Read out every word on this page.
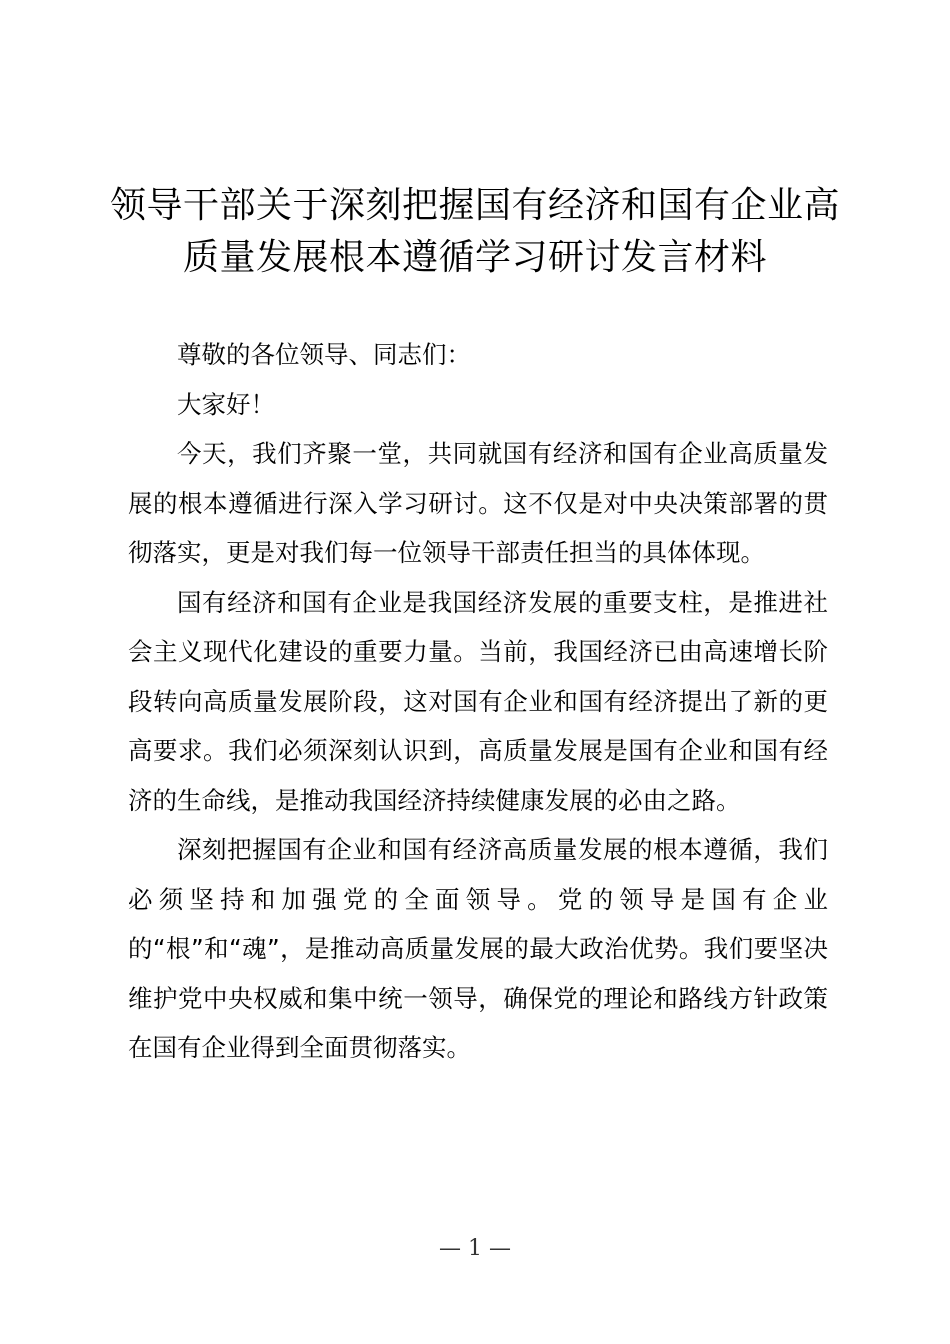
领导干部关于深刻把握国有经济和国有企业高
质量发展根本遵循学习研讨发言材料

尊敬的各位领导、同志们：

大家好！

今天，我们齐聚一堂，共同就国有经济和国有企业高质量发展的根本遵循进行深入学习研讨。这不仅是对中央决策部署的贯彻落实，更是对我们每一位领导干部责任担当的具体体现。

国有经济和国有企业是我国经济发展的重要支柱，是推进社会主义现代化建设的重要力量。当前，我国经济已由高速增长阶段转向高质量发展阶段，这对国有企业和国有经济提出了新的更高要求。我们必须深刻认识到，高质量发展是国有企业和国有经济的生命线，是推动我国经济持续健康发展的必由之路。

深刻把握国有企业和国有经济高质量发展的根本遵循，我们必须坚持和加强党的全面领导。党的领导是国有企业的“根”和“魂”，是推动高质量发展的最大政治优势。我们要坚决维护党中央权威和集中统一领导，确保党的理论和路线方针政策在国有企业得到全面贯彻落实。

— 1 —
